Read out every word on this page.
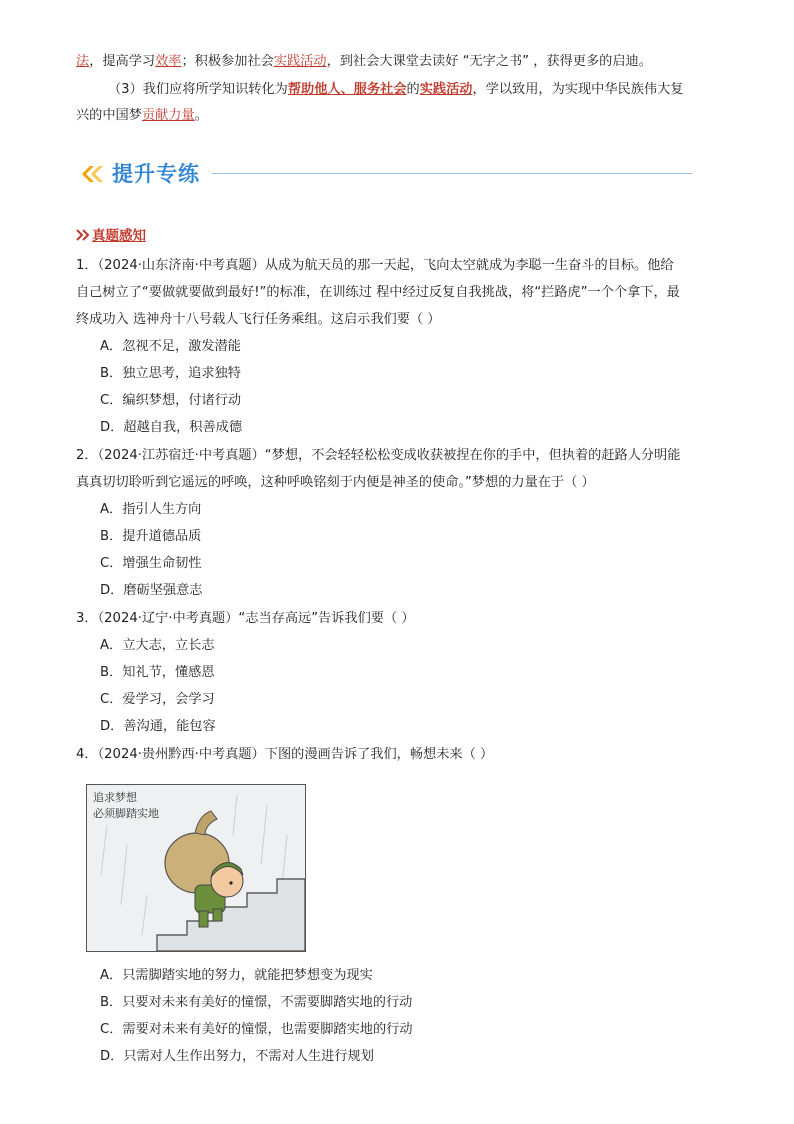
法，提高学习效率；积极参加社会实践活动，到社会大课堂去读好 “无字之书” ，获得更多的启迪。
（3）我们应将所学知识转化为帮助他人、服务社会的实践活动，学以致用，为实现中华民族伟大复
兴的中国梦贡献力量。
提升专练
真题感知
1．（2024·山东济南·中考真题）从成为航天员的那一天起，飞向太空就成为李聪一生奋斗的目标。他给
自己树立了“要做就要做到最好!”的标准，在训练过 程中经过反复自我挑战，将“拦路虎”一个个拿下，最
终成功入 选神舟十八号载人飞行任务乘组。这启示我们要（ ）
A．忽视不足，激发潜能
B．独立思考，追求独特
C．编织梦想，付诸行动
D．超越自我，积善成德
2．（2024·江苏宿迁·中考真题）“梦想，不会轻轻松松变成收获被捏在你的手中，但执着的赶路人分明能
真真切切聆听到它遥远的呼唤，这种呼唤铭刻于内便是神圣的使命。”梦想的力量在于（ ）
A．指引人生方向
B．提升道德品质
C．增强生命韧性
D．磨砺坚强意志
3．（2024·辽宁·中考真题）“志当存高远”告诉我们要（ ）
A．立大志，立长志
B．知礼节，懂感恩
C．爱学习，会学习
D．善沟通，能包容
4．（2024·贵州黔西·中考真题）下图的漫画告诉了我们，畅想未来（ ）
追求梦想
必须脚踏实地
A．只需脚踏实地的努力，就能把梦想变为现实
B．只要对未来有美好的憧憬，不需要脚踏实地的行动
C．需要对未来有美好的憧憬，也需要脚踏实地的行动
D．只需对人生作出努力，不需对人生进行规划
